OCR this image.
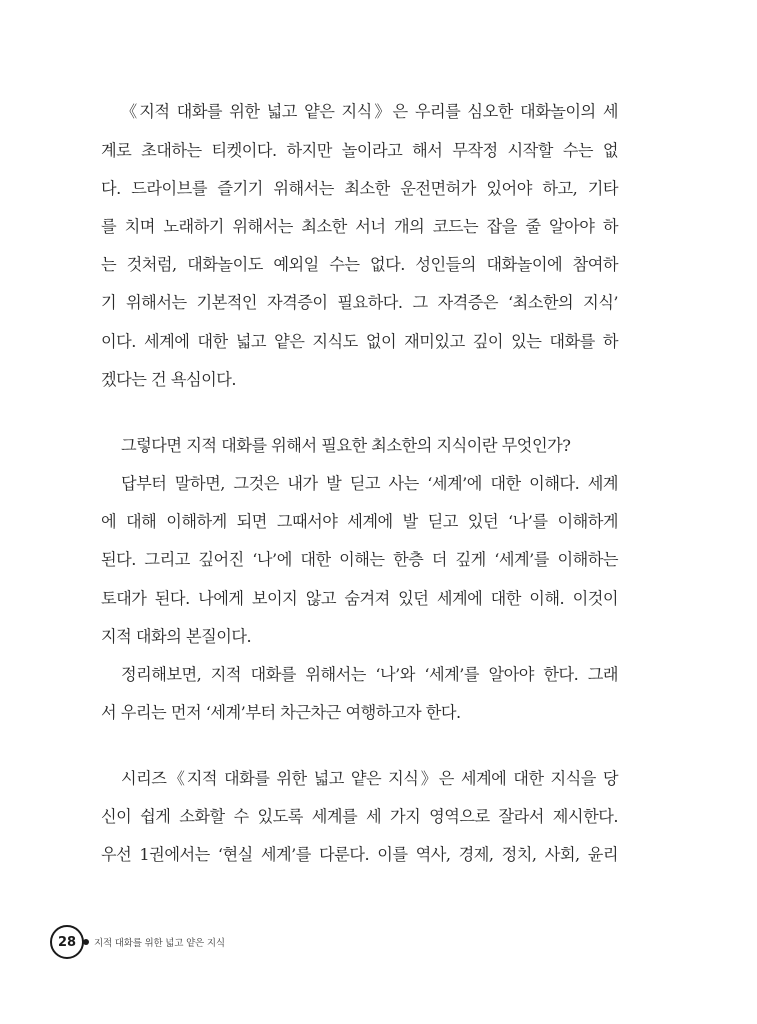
《지적 대화를 위한 넓고 얕은 지식》은 우리를 심오한 대화놀이의 세
계로 초대하는 티켓이다. 하지만 놀이라고 해서 무작정 시작할 수는 없
다. 드라이브를 즐기기 위해서는 최소한 운전면허가 있어야 하고, 기타
를 치며 노래하기 위해서는 최소한 서너 개의 코드는 잡을 줄 알아야 하
는 것처럼, 대화놀이도 예외일 수는 없다. 성인들의 대화놀이에 참여하
기 위해서는 기본적인 자격증이 필요하다. 그 자격증은 ‘최소한의 지식’
이다. 세계에 대한 넓고 얕은 지식도 없이 재미있고 깊이 있는 대화를 하
겠다는 건 욕심이다.
그렇다면 지적 대화를 위해서 필요한 최소한의 지식이란 무엇인가?
답부터 말하면, 그것은 내가 발 딛고 사는 ‘세계’에 대한 이해다. 세계
에 대해 이해하게 되면 그때서야 세계에 발 딛고 있던 ‘나’를 이해하게
된다. 그리고 깊어진 ‘나’에 대한 이해는 한층 더 깊게 ‘세계’를 이해하는
토대가 된다. 나에게 보이지 않고 숨겨져 있던 세계에 대한 이해. 이것이
지적 대화의 본질이다.
정리해보면, 지적 대화를 위해서는 ‘나’와 ‘세계’를 알아야 한다. 그래
서 우리는 먼저 ‘세계’부터 차근차근 여행하고자 한다.
시리즈《지적 대화를 위한 넓고 얕은 지식》은 세계에 대한 지식을 당
신이 쉽게 소화할 수 있도록 세계를 세 가지 영역으로 잘라서 제시한다.
우선 1권에서는 ‘현실 세계’를 다룬다. 이를 역사, 경제, 정치, 사회, 윤리
28	지적 대화를 위한 넓고 얕은 지식
